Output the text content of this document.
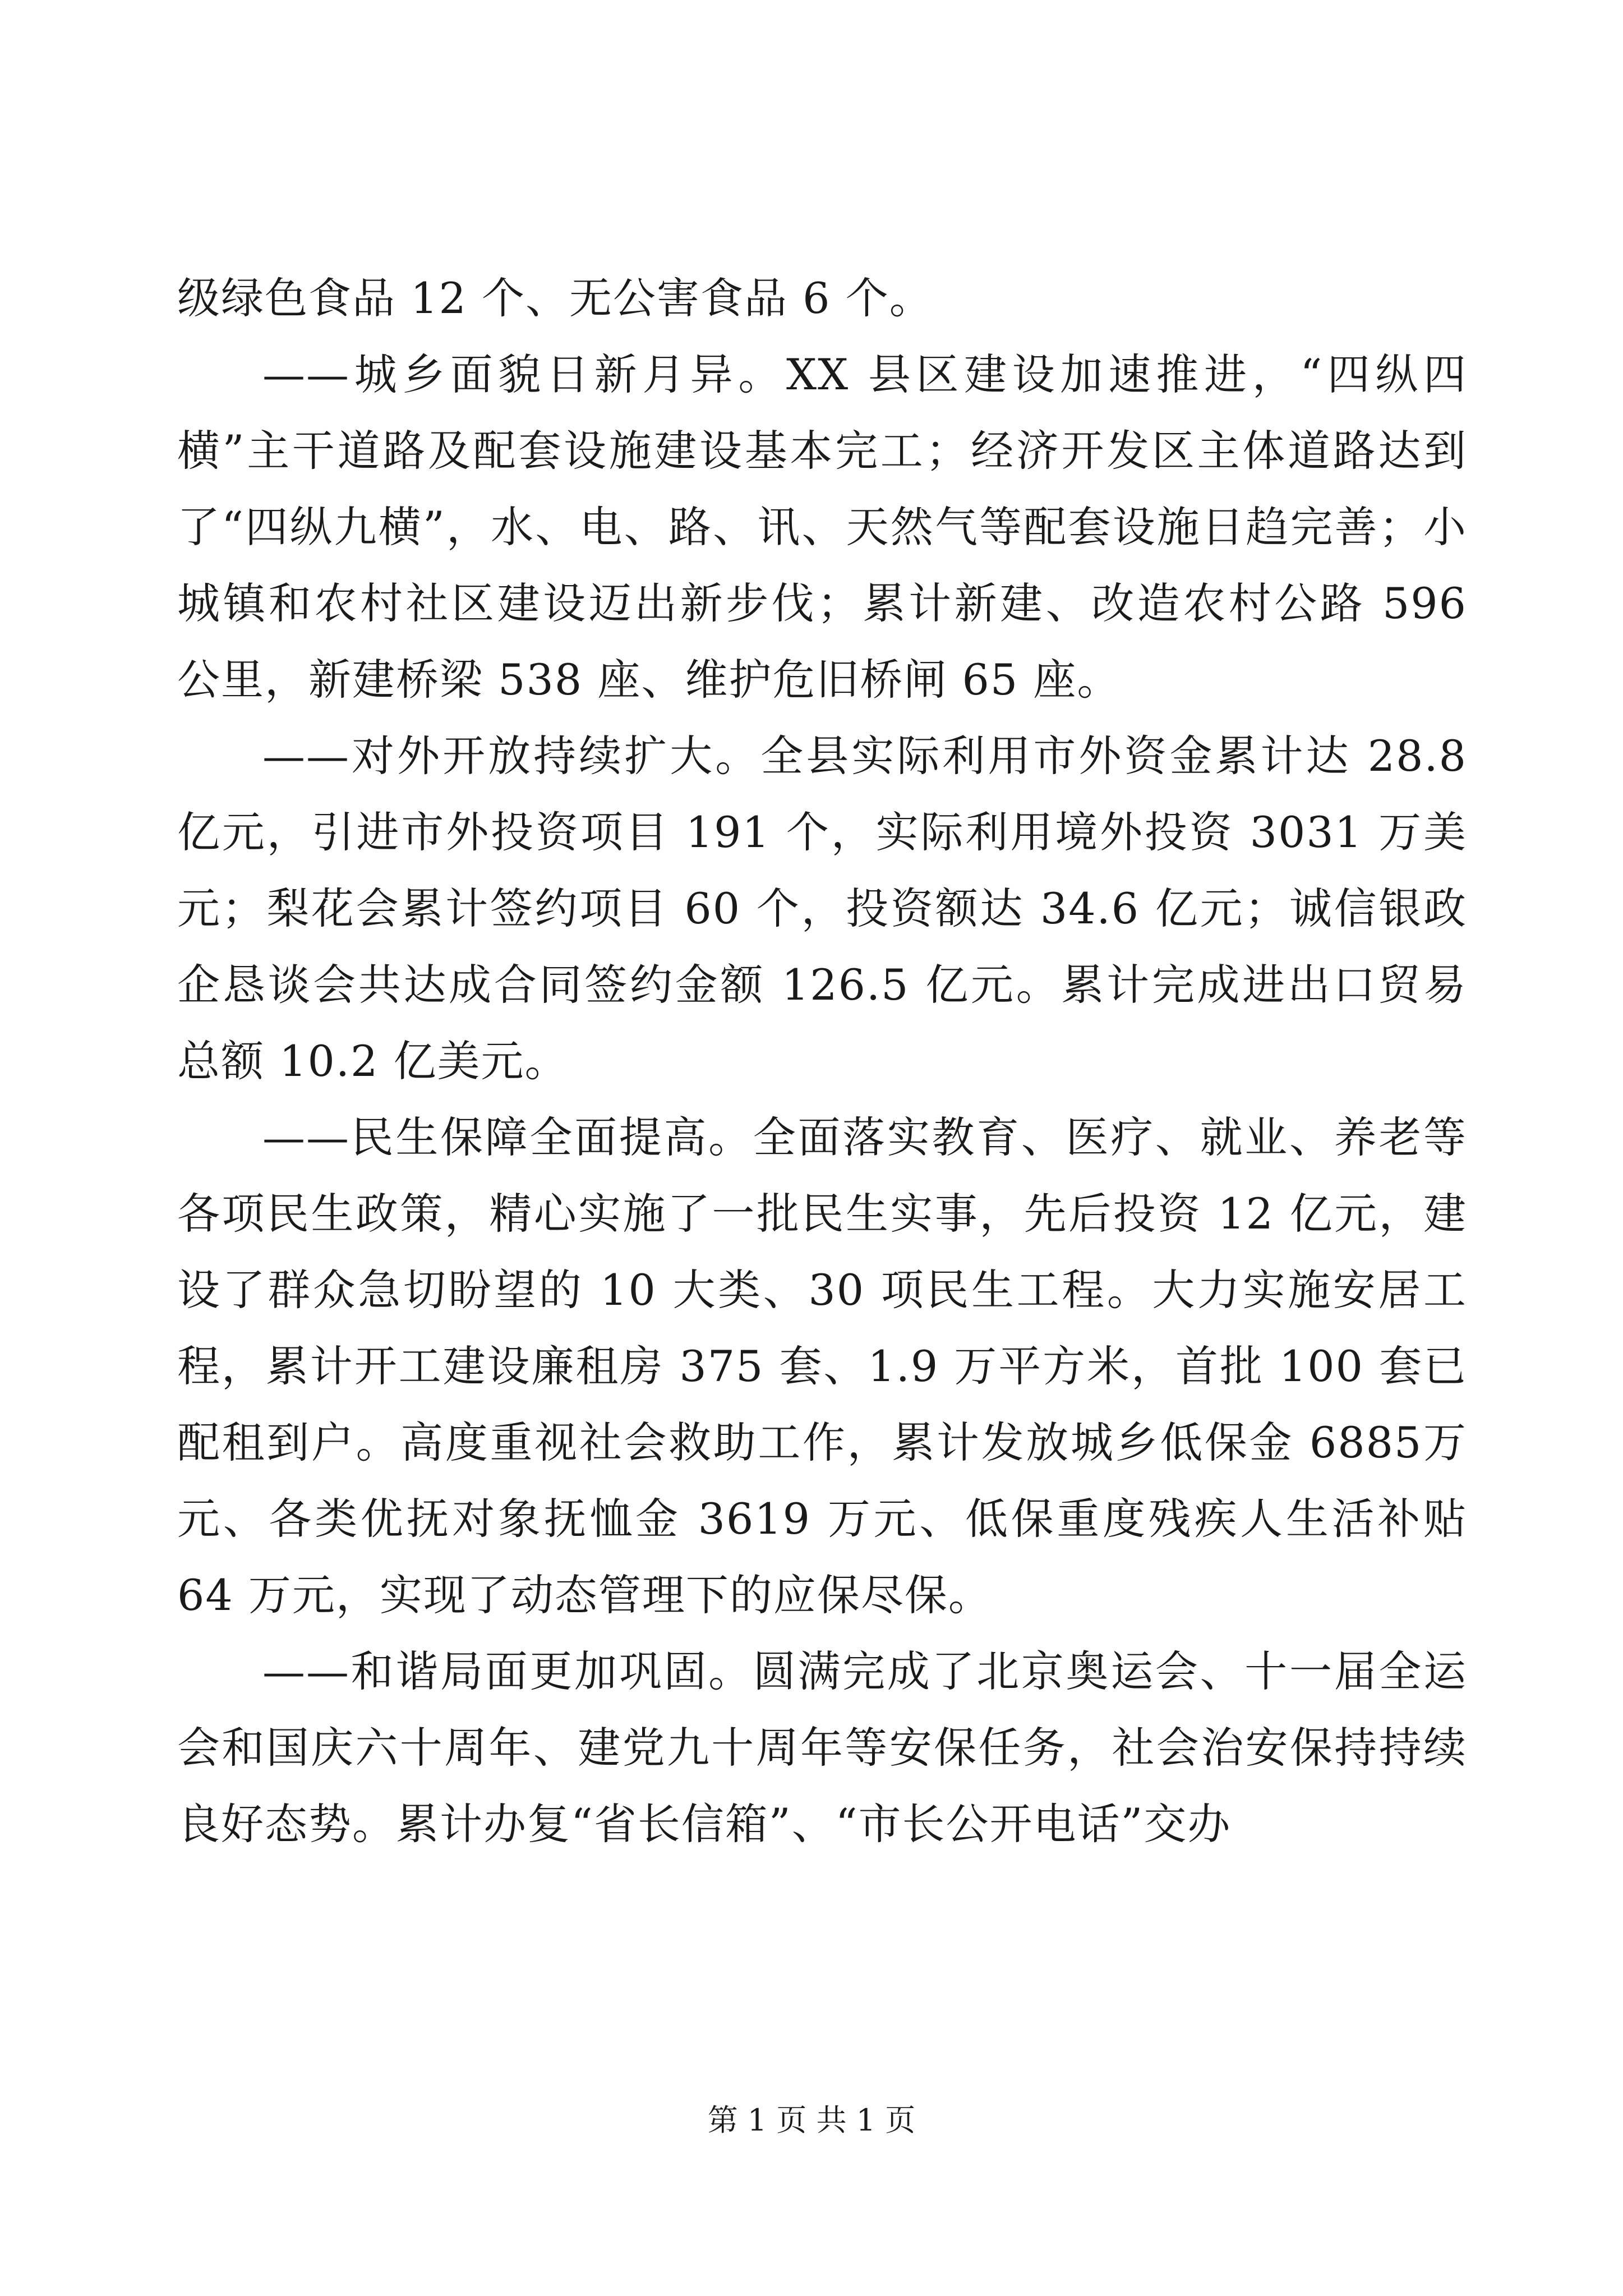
级绿色食品 12 个、无公害食品 6 个。

——城乡面貌日新月异。XX 县区建设加速推进，“四纵四横”主干道路及配套设施建设基本完工；经济开发区主体道路达到了“四纵九横”，水、电、路、讯、天然气等配套设施日趋完善；小城镇和农村社区建设迈出新步伐；累计新建、改造农村公路 596 公里，新建桥梁 538 座、维护危旧桥闸 65 座。

——对外开放持续扩大。全县实际利用市外资金累计达 28.8亿元，引进市外投资项目 191 个，实际利用境外投资 3031 万美元；梨花会累计签约项目 60 个，投资额达 34.6 亿元；诚信银政企恳谈会共达成合同签约金额 126.5 亿元。累计完成进出口贸易总额 10.2 亿美元。

——民生保障全面提高。全面落实教育、医疗、就业、养老等各项民生政策，精心实施了一批民生实事，先后投资 12 亿元，建设了群众急切盼望的 10 大类、30 项民生工程。大力实施安居工程，累计开工建设廉租房 375 套、1.9 万平方米，首批 100 套已配租到户。高度重视社会救助工作，累计发放城乡低保金 6885万元、各类优抚对象抚恤金 3619 万元、低保重度残疾人生活补贴 64 万元，实现了动态管理下的应保尽保。

——和谐局面更加巩固。圆满完成了北京奥运会、十一届全运会和国庆六十周年、建党九十周年等安保任务，社会治安保持持续良好态势。累计办复“省长信箱”、“市长公开电话”交办

第 1 页 共 1 页
